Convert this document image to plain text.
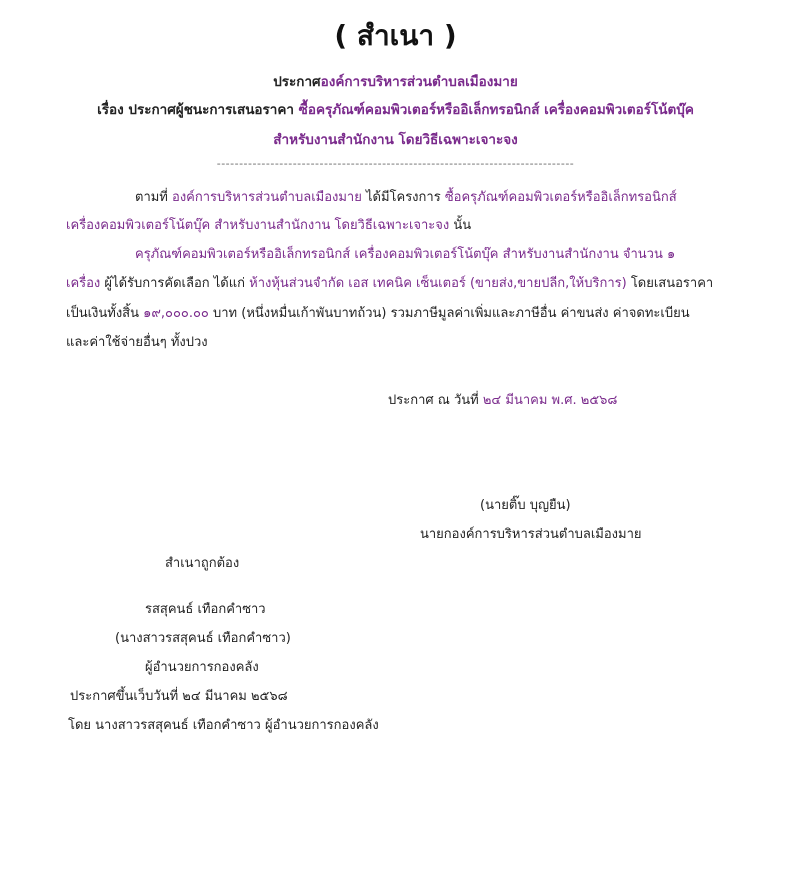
( สำเนา )
ประกาศองค์การบริหารส่วนตำบลเมืองมาย
เรื่อง ประกาศผู้ชนะการเสนอราคา ซื้อครุภัณฑ์คอมพิวเตอร์หรืออิเล็กทรอนิกส์ เครื่องคอมพิวเตอร์โน้ตบุ๊ค
สำหรับงานสำนักงาน โดยวิธีเฉพาะเจาะจง
--------------------------------------------------------------------------------
ตามที่ องค์การบริหารส่วนตำบลเมืองมาย ได้มีโครงการ ซื้อครุภัณฑ์คอมพิวเตอร์หรืออิเล็กทรอนิกส์
เครื่องคอมพิวเตอร์โน้ตบุ๊ค สำหรับงานสำนักงาน โดยวิธีเฉพาะเจาะจง นั้น
ครุภัณฑ์คอมพิวเตอร์หรืออิเล็กทรอนิกส์ เครื่องคอมพิวเตอร์โน้ตบุ๊ค สำหรับงานสำนักงาน จำนวน ๑
เครื่อง ผู้ได้รับการคัดเลือก ได้แก่ ห้างหุ้นส่วนจำกัด เอส เทคนิค เซ็นเตอร์ (ขายส่ง,ขายปลีก,ให้บริการ) โดยเสนอราคา
เป็นเงินทั้งสิ้น ๑๙,๐๐๐.๐๐ บาท (หนึ่งหมื่นเก้าพันบาทถ้วน) รวมภาษีมูลค่าเพิ่มและภาษีอื่น ค่าขนส่ง ค่าจดทะเบียน
และค่าใช้จ่ายอื่นๆ ทั้งปวง
ประกาศ ณ วันที่ ๒๔ มีนาคม พ.ศ. ๒๕๖๘
(นายติ๊บ บุญยืน)
นายกองค์การบริหารส่วนตำบลเมืองมาย
สำเนาถูกต้อง
รสสุคนธ์ เทือกคำซาว
(นางสาวรสสุคนธ์ เทือกคำซาว)
ผู้อำนวยการกองคลัง
ประกาศขึ้นเว็บวันที่ ๒๔ มีนาคม ๒๕๖๘
โดย นางสาวรสสุคนธ์ เทือกคำซาว ผู้อำนวยการกองคลัง
